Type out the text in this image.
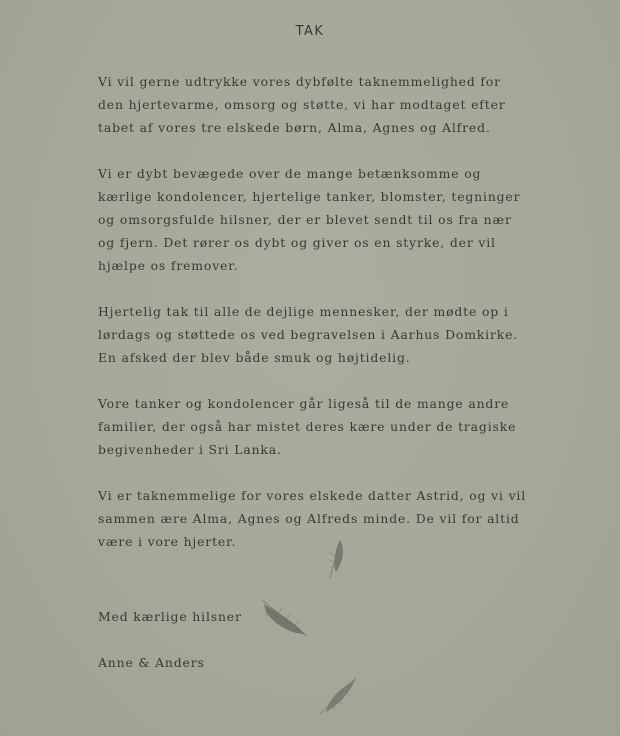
TAK

Vi vil gerne udtrykke vores dybfølte taknemmelighed for
den hjertevarme, omsorg og støtte, vi har modtaget efter
tabet af vores tre elskede børn, Alma, Agnes og Alfred.

Vi er dybt bevægede over de mange betænksomme og
kærlige kondolencer, hjertelige tanker, blomster, tegninger
og omsorgsfulde hilsner, der er blevet sendt til os fra nær
og fjern. Det rører os dybt og giver os en styrke, der vil
hjælpe os fremover.

Hjertelig tak til alle de dejlige mennesker, der mødte op i
lørdags og støttede os ved begravelsen i Aarhus Domkirke.
En afsked der blev både smuk og højtidelig.

Vore tanker og kondolencer går ligeså til de mange andre
familier, der også har mistet deres kære under de tragiske
begivenheder i Sri Lanka.

Vi er taknemmelige for vores elskede datter Astrid, og vi vil
sammen ære Alma, Agnes og Alfreds minde. De vil for altid
være i vore hjerter.

Med kærlige hilsner

Anne & Anders
